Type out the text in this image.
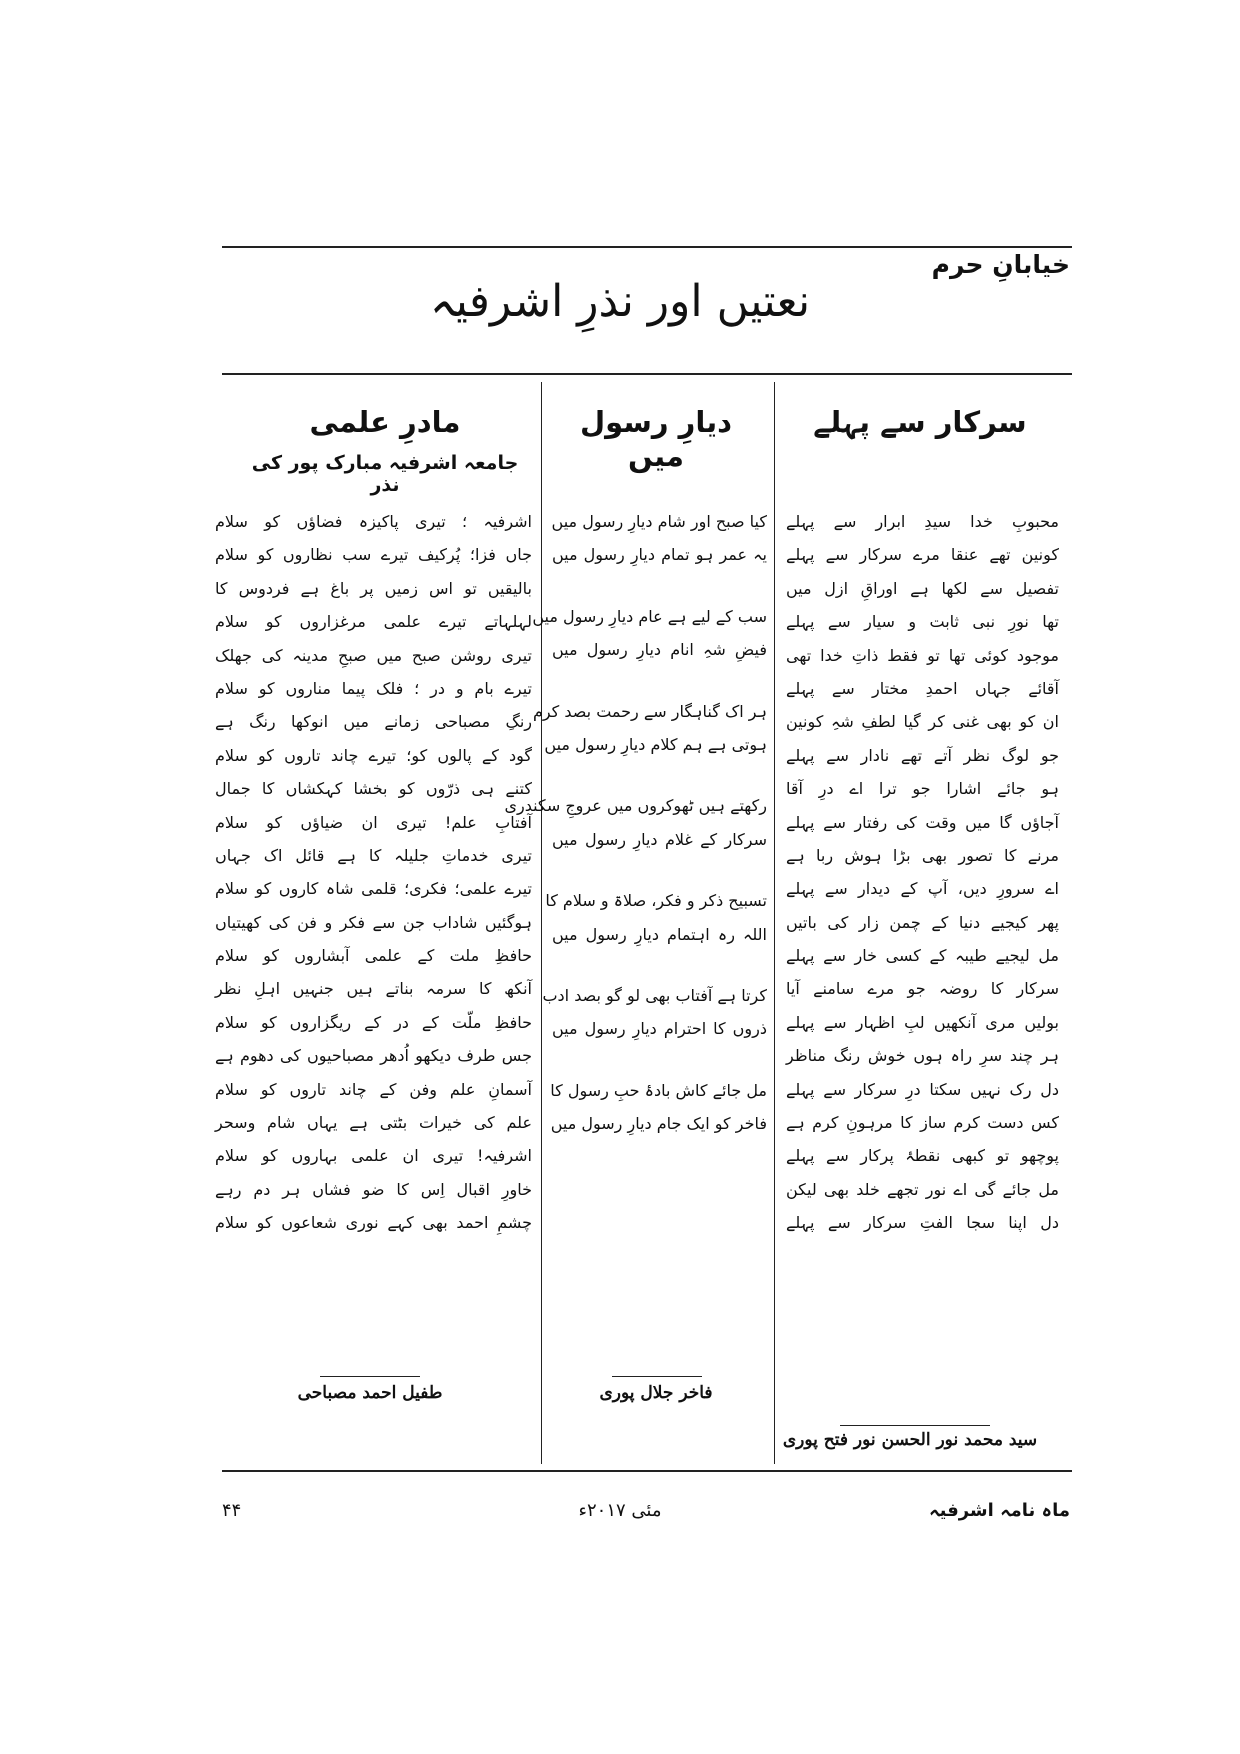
خیابانِ حرم
نعتیں اور نذرِ اشرفیہ
سرکار سے پہلے
محبوبِ خدا سیدِ ابرار سے پہلے
کونین تھے عنقا مرے سرکار سے پہلے
تفصیل سے لکھا ہے اوراقِ ازل میں
تھا نورِ نبی ثابت و سیار سے پہلے
موجود کوئی تھا تو فقط ذاتِ خدا تھی
آقائے جہاں احمدِ مختار سے پہلے
ان کو بھی غنی کر گیا لطفِ شہِ کونین
جو لوگ نظر آتے تھے نادار سے پہلے
ہو جائے اشارا جو ترا اے درِ آقا
آجاؤں گا میں وقت کی رفتار سے پہلے
مرنے کا تصور بھی بڑا ہوش ربا ہے
اے سرورِ دیں، آپ کے دیدار سے پہلے
پھر کیجیے دنیا کے چمن زار کی باتیں
مل لیجیے طیبہ کے کسی خار سے پہلے
سرکار کا روضہ جو مرے سامنے آیا
بولیں مری آنکھیں لبِ اظہار سے پہلے
ہر چند سرِ راہ ہوں خوش رنگ مناظر
دل رک نہیں سکتا درِ سرکار سے پہلے
کس دست کرم ساز کا مرہونِ کرم ہے
پوچھو تو کبھی نقطۂ پرکار سے پہلے
مل جائے گی اے نور تجھے خلد بھی لیکن
دل اپنا سجا الفتِ سرکار سے پہلے
سید محمد نور الحسن نور فتح پوری
دیارِ رسول میں
کیا صبح اور شام دیارِ رسول میں
یہ عمر ہو تمام دیارِ رسول میں
سب کے لیے ہے عام دیارِ رسول میں
فیضِ شہِ انام دیارِ رسول میں
ہر اک گناہگار سے رحمت بصد کرم
ہوتی ہے ہم کلام دیارِ رسول میں
رکھتے ہیں ٹھوکروں میں عروجِ سکندری
سرکار کے غلام دیارِ رسول میں
تسبیح ذکر و فکر، صلاۃ و سلام کا
اللہ رہ اہتمام دیارِ رسول میں
کرتا ہے آفتاب بھی لو گو بصد ادب
ذروں کا احترام دیارِ رسول میں
مل جائے کاش بادۂ حبِ رسول کا
فاخر کو ایک جام دیارِ رسول میں
فاخر جلال پوری
مادرِ علمی
جامعہ اشرفیہ مبارک پور کی نذر
اشرفیہ ؛ تیری پاکیزہ فضاؤں کو سلام
جاں فزا؛ پُرکیف تیرے سب نظاروں کو سلام
بالیقیں تو اس زمیں پر باغ ہے فردوس کا
لہلہاتے تیرے علمی مرغزاروں کو سلام
تیری روشن صبح میں صبحِ مدینہ کی جھلک
تیرے بام و در ؛ فلک پیما مناروں کو سلام
رنگِ مصباحی زمانے میں انوکھا رنگ ہے
گود کے پالوں کو؛ تیرے چاند تاروں کو سلام
کتنے ہی ذرّوں کو بخشا کہکشاں کا جمال
آفتابِ علم! تیری ان ضیاؤں کو سلام
تیری خدماتِ جلیلہ کا ہے قائل اک جہاں
تیرے علمی؛ فکری؛ قلمی شاہ کاروں کو سلام
ہوگئیں شاداب جن سے فکر و فن کی کھیتیاں
حافظِ ملت کے علمی آبشاروں کو سلام
آنکھ کا سرمہ بناتے ہیں جنہیں اہلِ نظر
حافظِ ملّت کے در کے ریگزاروں کو سلام
جس طرف دیکھو اُدھر مصباحیوں کی دھوم ہے
آسمانِ علم وفن کے چاند تاروں کو سلام
علم کی خیرات بٹتی ہے یہاں شام وسحر
اشرفیہ! تیری ان علمی بہاروں کو سلام
خاورِ اقبال اِس کا ضو فشاں ہر دم رہے
چشمِ احمد بھی کہے نوری شعاعوں کو سلام
طفیل احمد مصباحی
ماہ نامہ اشرفیہ
مئی ۲۰۱۷ء
۴۴
